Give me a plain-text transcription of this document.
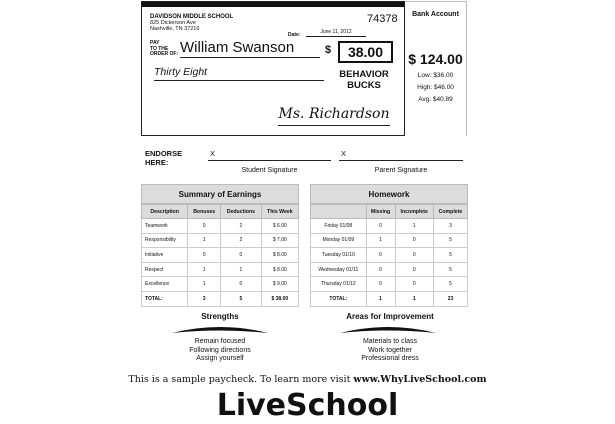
DAVIDSON MIDDLE SCHOOL
825 Dickerson Ave
Nashville, TN 37216
74378
Date:	June 11, 2012
PAY
TO THE
ORDER OF: William Swanson	$	38.00
Thirty Eight	BEHAVIOR
BUCKS
Ms. Richardson
Bank Account
$ 124.00
Low: $36.00
High: $46.00
Avg: $40.89
ENDORSE
HERE:
X
Student Signature
X
Parent Signature
Summary of Earnings
Description	Bonuses	Deductions	This Week
Teamwork	0	2	$ 6.00
Responsibility	1	2	$ 7.00
Initiative	0	0	$ 8.00
Respect	1	1	$ 8.00
Excellence	1	0	$ 9.00
TOTAL:	3	5	$ 38.00
Homework
	Missing	Incomplete	Complete
Friday 01/08	0	1	3
Monday 01/09	1	0	5
Tuesday 01/10	0	0	5
Wednesday 01/11	0	0	5
Thursday 01/12	0	0	5
TOTAL:	1	1	23
Strengths
Remain focused
Following directions
Assign yourself
Areas for Improvement
Materials to class
Work together
Professional dress
This is a sample paycheck. To learn more visit www.WhyLiveSchool.com
LiveSchool
